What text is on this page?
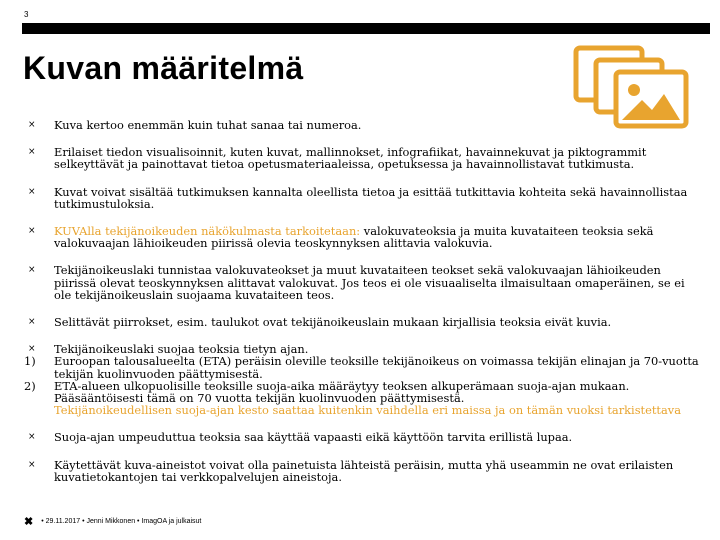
3
Kuvan määritelmä
× Kuva kertoo enemmän kuin tuhat sanaa tai numeroa.
× Erilaiset tiedon visualisoinnit, kuten kuvat, mallinnokset, infografiikat, havainnekuvat ja piktogrammit selkeyttävät ja painottavat tietoa opetusmateriaaleissa, opetuksessa ja havainnollistavat tutkimusta.
× Kuvat voivat sisältää tutkimuksen kannalta oleellista tietoa ja esittää tutkittavia kohteita sekä havainnollistaa tutkimustuloksia.
× KUVAlla tekijänoikeuden näkökulmasta tarkoitetaan: valokuvateoksia ja muita kuvataiteen teoksia sekä valokuvaajan lähioikeuden piirissä olevia teoskynnyksen alittavia valokuvia.
× Tekijänoikeuslaki tunnistaa valokuvateokset ja muut kuvataiteen teokset sekä valokuvaajan lähioikeuden piirissä olevat teoskynnyksen alittavat valokuvat. Jos teos ei ole visuaaliselta ilmaisultaan omaperäinen, se ei ole tekijänoikeuslain suojaama kuvataiteen teos.
× Selittävät piirrokset, esim. taulukot ovat tekijänoikeuslain mukaan kirjallisia teoksia eivät kuvia.
× Tekijänoikeuslaki suojaa teoksia tietyn ajan.
1) Euroopan talousalueelta (ETA) peräisin oleville teoksille tekijänoikeus on voimassa tekijän elinajan ja 70-vuotta tekijän kuolinvuoden päättymisestä.
2) ETA-alueen ulkopuolisille teoksille suoja-aika määräytyy teoksen alkuperämaan suoja-ajan mukaan. Pääsääntöisesti tämä on 70 vuotta tekijän kuolinvuoden päättymisestä.
Tekijänoikeudellisen suoja-ajan kesto saattaa kuitenkin vaihdella eri maissa ja on tämän vuoksi tarkistettava
× Suoja-ajan umpeuduttua teoksia saa käyttää vapaasti eikä käyttöön tarvita erillistä lupaa.
× Käytettävät kuva-aineistot voivat olla painetuista lähteistä peräisin, mutta yhä useammin ne ovat erilaisten kuvatietokantojen tai verkkopalvelujen aineistoja.
✖ • 29.11.2017 • Jenni Mikkonen • ImagOA ja julkaisut
